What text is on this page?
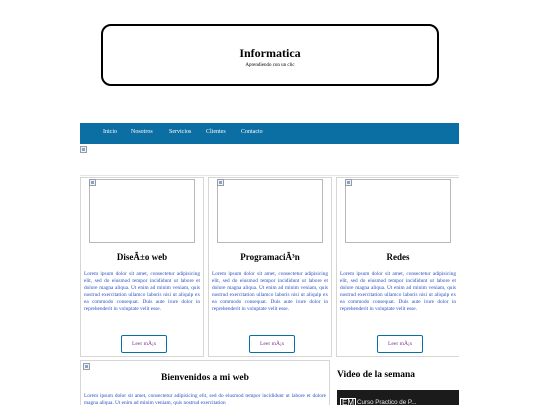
Informatica
Aprendiendo con un clic
Inicio Nosotros	Servicios Clientes	Contacto
DiseÃ±o web
Lorem ipsum dolor sit amet, consectetur adipisicing elit, sed do eiusmod tempor incididunt ut labore et dolore magna aliqua. Ut enim ad minim veniam, quis nostrud exercitation ullamco laboris nisi ut aliquip ex ea commodo consequat. Duis aute irure dolor in reprehenderit in voluptate velit esse.
Leer mÃ¡s
ProgramaciÃ³n
Lorem ipsum dolor sit amet, consectetur adipisicing elit, sed do eiusmod tempor incididunt ut labore et dolore magna aliqua. Ut enim ad minim veniam, quis nostrud exercitation ullamco laboris nisi ut aliquip ex ea commodo consequat. Duis aute irure dolor in reprehenderit in voluptate velit esse.
Leer mÃ¡s
Redes
Lorem ipsum dolor sit amet, consectetur adipisicing elit, sed do eiusmod tempor incididunt ut labore et dolore magna aliqua. Ut enim ad minim veniam, quis nostrud exercitation ullamco laboris nisi ut aliquip ex ea commodo consequat. Duis aute irure dolor in reprehenderit in voluptate velit esse.
Leer mÃ¡s
Bienvenidos a mi web
Lorem ipsum dolor sit amet, consectetur adipisicing elit, sed do eiusmod tempor incididunt ut labore et dolore magna aliqua. Ut enim ad minim veniam, quis nostrud exercitation
Video de la semana
EM Curso Practico de P...
